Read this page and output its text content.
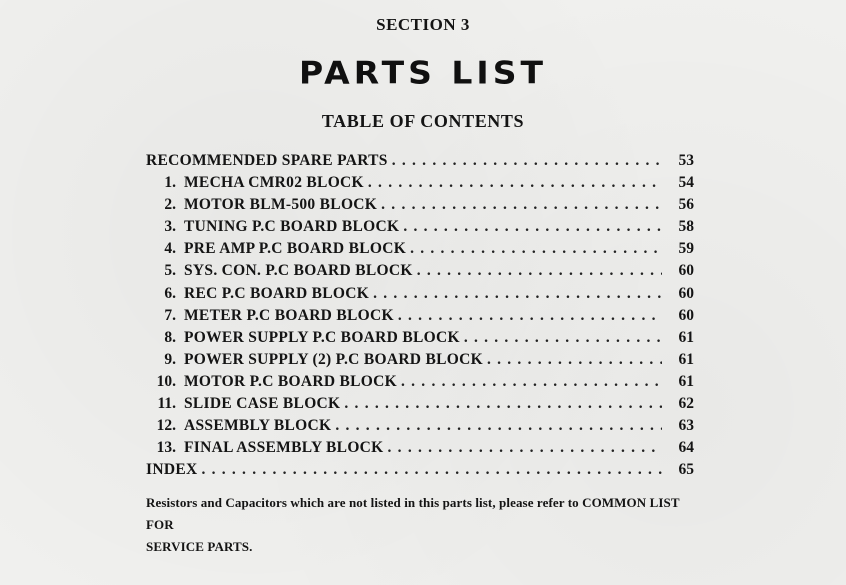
SECTION 3
PARTS LIST
TABLE OF CONTENTS
RECOMMENDED SPARE PARTS . . .	53
1. MECHA CMR02 BLOCK . . .	54
2. MOTOR BLM-500 BLOCK . . .	56
3. TUNING P.C BOARD BLOCK . . .	58
4. PRE AMP P.C BOARD BLOCK . . .	59
5. SYS. CON. P.C BOARD BLOCK . . .	60
6. REC P.C BOARD BLOCK . . .	60
7. METER P.C BOARD BLOCK . . .	60
8. POWER SUPPLY P.C BOARD BLOCK . . .	61
9. POWER SUPPLY (2) P.C BOARD BLOCK . . .	61
10. MOTOR P.C BOARD BLOCK . . .	61
11. SLIDE CASE BLOCK . . .	62
12. ASSEMBLY BLOCK . . .	63
13. FINAL ASSEMBLY BLOCK . . .	64
INDEX . . .	65
Resistors and Capacitors which are not listed in this parts list, please refer to COMMON LIST FOR
SERVICE PARTS.
